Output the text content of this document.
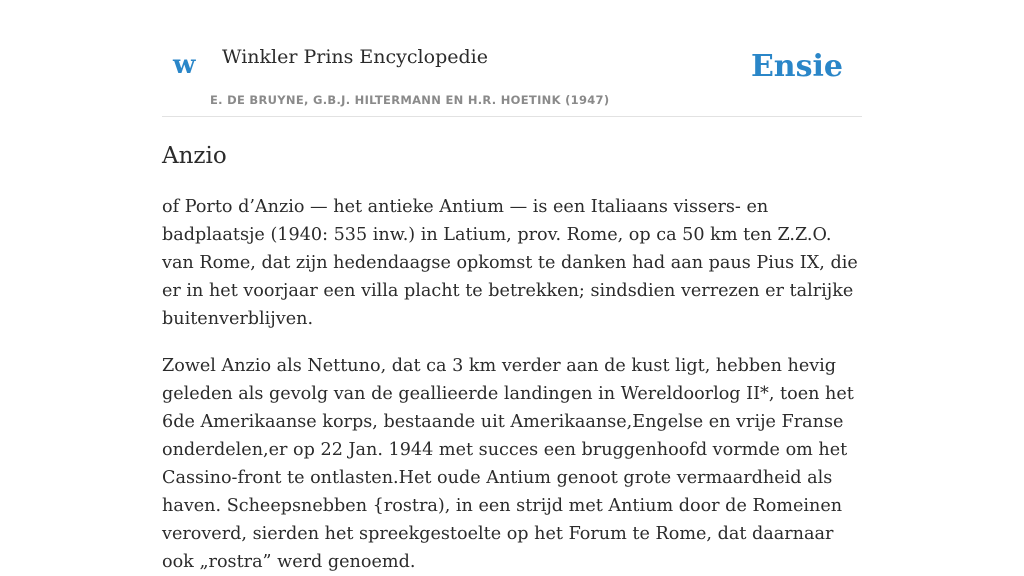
w Winkler Prins Encyclopedie
E. DE BRUYNE, G.B.J. HILTERMANN EN H.R. HOETINK (1947)
Ensie
Anzio

of Porto d’Anzio — het antieke Antium — is een Italiaans vissers- en badplaatsje (1940: 535 inw.) in Latium, prov. Rome, op ca 50 km ten Z.Z.O. van Rome, dat zijn hedendaagse opkomst te danken had aan paus Pius IX, die er in het voorjaar een villa placht te betrekken; sindsdien verrezen er talrijke buitenverblijven.

Zowel Anzio als Nettuno, dat ca 3 km verder aan de kust ligt, hebben hevig geleden als gevolg van de geallieerde landingen in Wereldoorlog II*, toen het 6de Amerikaanse korps, bestaande uit Amerikaanse,Engelse en vrije Franse onderdelen,er op 22 Jan. 1944 met succes een bruggenhoofd vormde om het Cassino-front te ontlasten.Het oude Antium genoot grote vermaardheid als haven. Scheepsnebben {rostra), in een strijd met Antium door de Romeinen veroverd, sierden het spreekgestoelte op het Forum te Rome, dat daarnaar ook „rostra” werd genoemd.
